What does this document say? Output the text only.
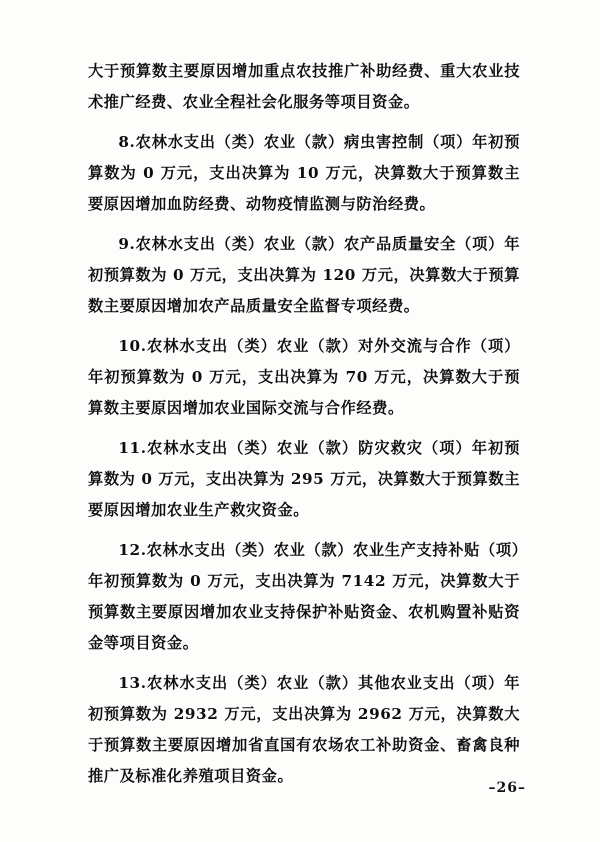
大于预算数主要原因增加重点农技推广补助经费、重大农业技术推广经费、农业全程社会化服务等项目资金。

8.农林水支出（类）农业（款）病虫害控制（项）年初预算数为 0 万元，支出决算为 10 万元，决算数大于预算数主要原因增加血防经费、动物疫情监测与防治经费。

9.农林水支出（类）农业（款）农产品质量安全（项）年初预算数为 0 万元，支出决算为 120 万元，决算数大于预算数主要原因增加农产品质量安全监督专项经费。

10.农林水支出（类）农业（款）对外交流与合作（项）年初预算数为 0 万元，支出决算为 70 万元，决算数大于预算数主要原因增加农业国际交流与合作经费。

11.农林水支出（类）农业（款）防灾救灾（项）年初预算数为 0 万元，支出决算为 295 万元，决算数大于预算数主要原因增加农业生产救灾资金。

12.农林水支出（类）农业（款）农业生产支持补贴（项）年初预算数为 0 万元，支出决算为 7142 万元，决算数大于预算数主要原因增加农业支持保护补贴资金、农机购置补贴资金等项目资金。

13.农林水支出（类）农业（款）其他农业支出（项）年初预算数为 2932 万元，支出决算为 2962 万元，决算数大于预算数主要原因增加省直国有农场农工补助资金、畜禽良种推广及标准化养殖项目资金。

–26–
